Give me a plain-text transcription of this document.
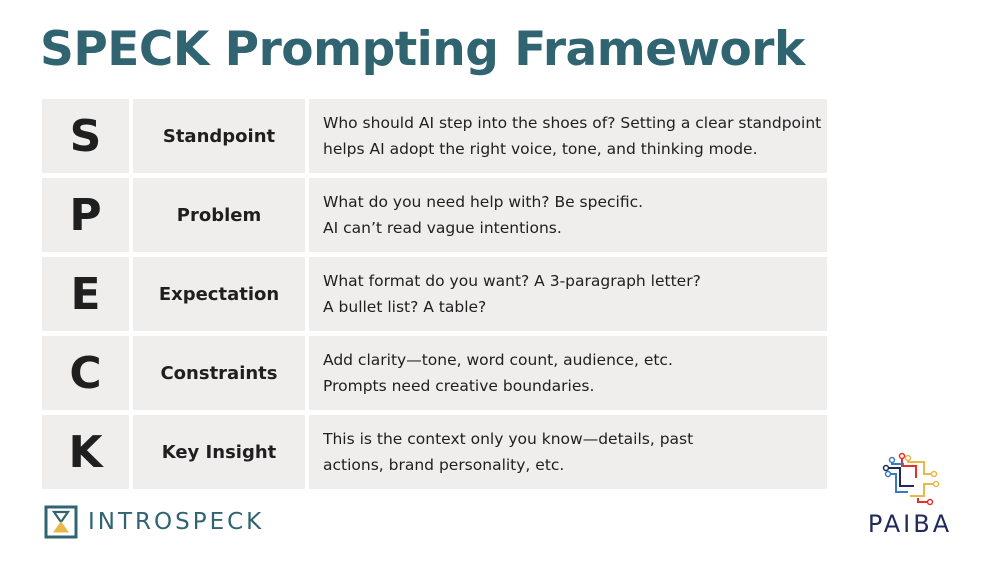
SPECK Prompting Framework
S	Standpoint
Who should AI step into the shoes of? Setting a clear standpoint
helps AI adopt the right voice, tone, and thinking mode.
P	Problem
What do you need help with? Be specific.
AI can’t read vague intentions.
E	Expectation
What format do you want? A 3-paragraph letter?
A bullet list? A table?
C	Constraints
Add clarity—tone, word count, audience, etc.
Prompts need creative boundaries.
K	Key Insight
This is the context only you know—details, past
actions, brand personality, etc.
INTROSPECK	PAIBA
